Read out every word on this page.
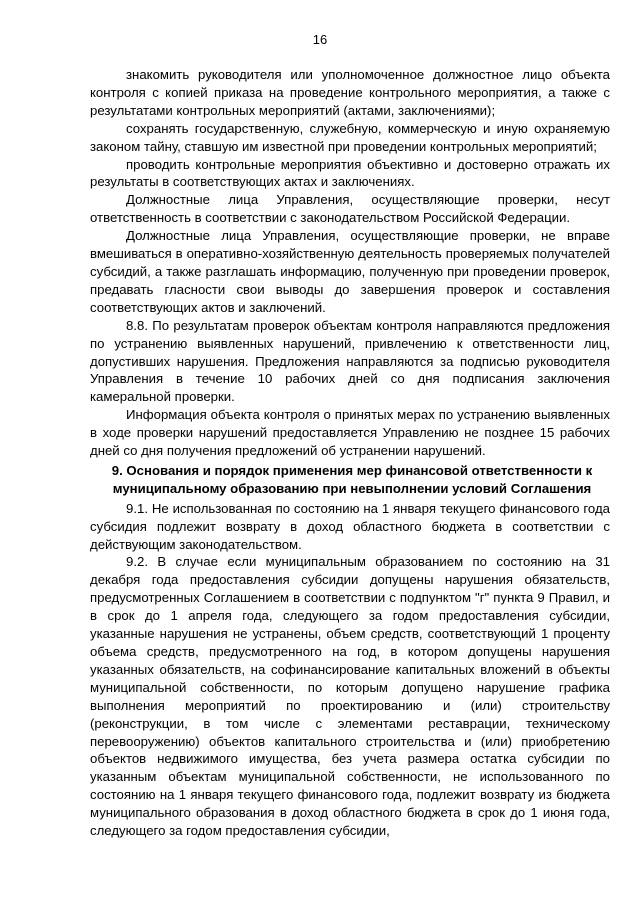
16

знакомить руководителя или уполномоченное должностное лицо объекта контроля с копией приказа на проведение контрольного мероприятия, а также с результатами контрольных мероприятий (актами, заключениями);

сохранять государственную, служебную, коммерческую и иную охраняемую законом тайну, ставшую им известной при проведении контрольных мероприятий;

проводить контрольные мероприятия объективно и достоверно отражать их результаты в соответствующих актах и заключениях.

Должностные лица Управления, осуществляющие проверки, несут ответственность в соответствии с законодательством Российской Федерации.

Должностные лица Управления, осуществляющие проверки, не вправе вмешиваться в оперативно-хозяйственную деятельность проверяемых получателей субсидий, а также разглашать информацию, полученную при проведении проверок, предавать гласности свои выводы до завершения проверок и составления соответствующих актов и заключений.

8.8. По результатам проверок объектам контроля направляются предложения по устранению выявленных нарушений, привлечению к ответственности лиц, допустивших нарушения. Предложения направляются за подписью руководителя Управления в течение 10 рабочих дней со дня подписания заключения камеральной проверки.

Информация объекта контроля о принятых мерах по устранению выявленных в ходе проверки нарушений предоставляется Управлению не позднее 15 рабочих дней со дня получения предложений об устранении нарушений.

9. Основания и порядок применения мер финансовой ответственности к муниципальному образованию при невыполнении условий Соглашения

9.1. Не использованная по состоянию на 1 января текущего финансового года субсидия подлежит возврату в доход областного бюджета в соответствии с действующим законодательством.

9.2. В случае если муниципальным образованием по состоянию на 31 декабря года предоставления субсидии допущены нарушения обязательств, предусмотренных Соглашением в соответствии с подпунктом "г" пункта 9 Правил, и в срок до 1 апреля года, следующего за годом предоставления субсидии, указанные нарушения не устранены, объем средств, соответствующий 1 проценту объема средств, предусмотренного на год, в котором допущены нарушения указанных обязательств, на софинансирование капитальных вложений в объекты муниципальной собственности, по которым допущено нарушение графика выполнения мероприятий по проектированию и (или) строительству (реконструкции, в том числе с элементами реставрации, техническому перевооружению) объектов капитального строительства и (или) приобретению объектов недвижимого имущества, без учета размера остатка субсидии по указанным объектам муниципальной собственности, не использованного по состоянию на 1 января текущего финансового года, подлежит возврату из бюджета муниципального образования в доход областного бюджета в срок до 1 июня года, следующего за годом предоставления субсидии,
